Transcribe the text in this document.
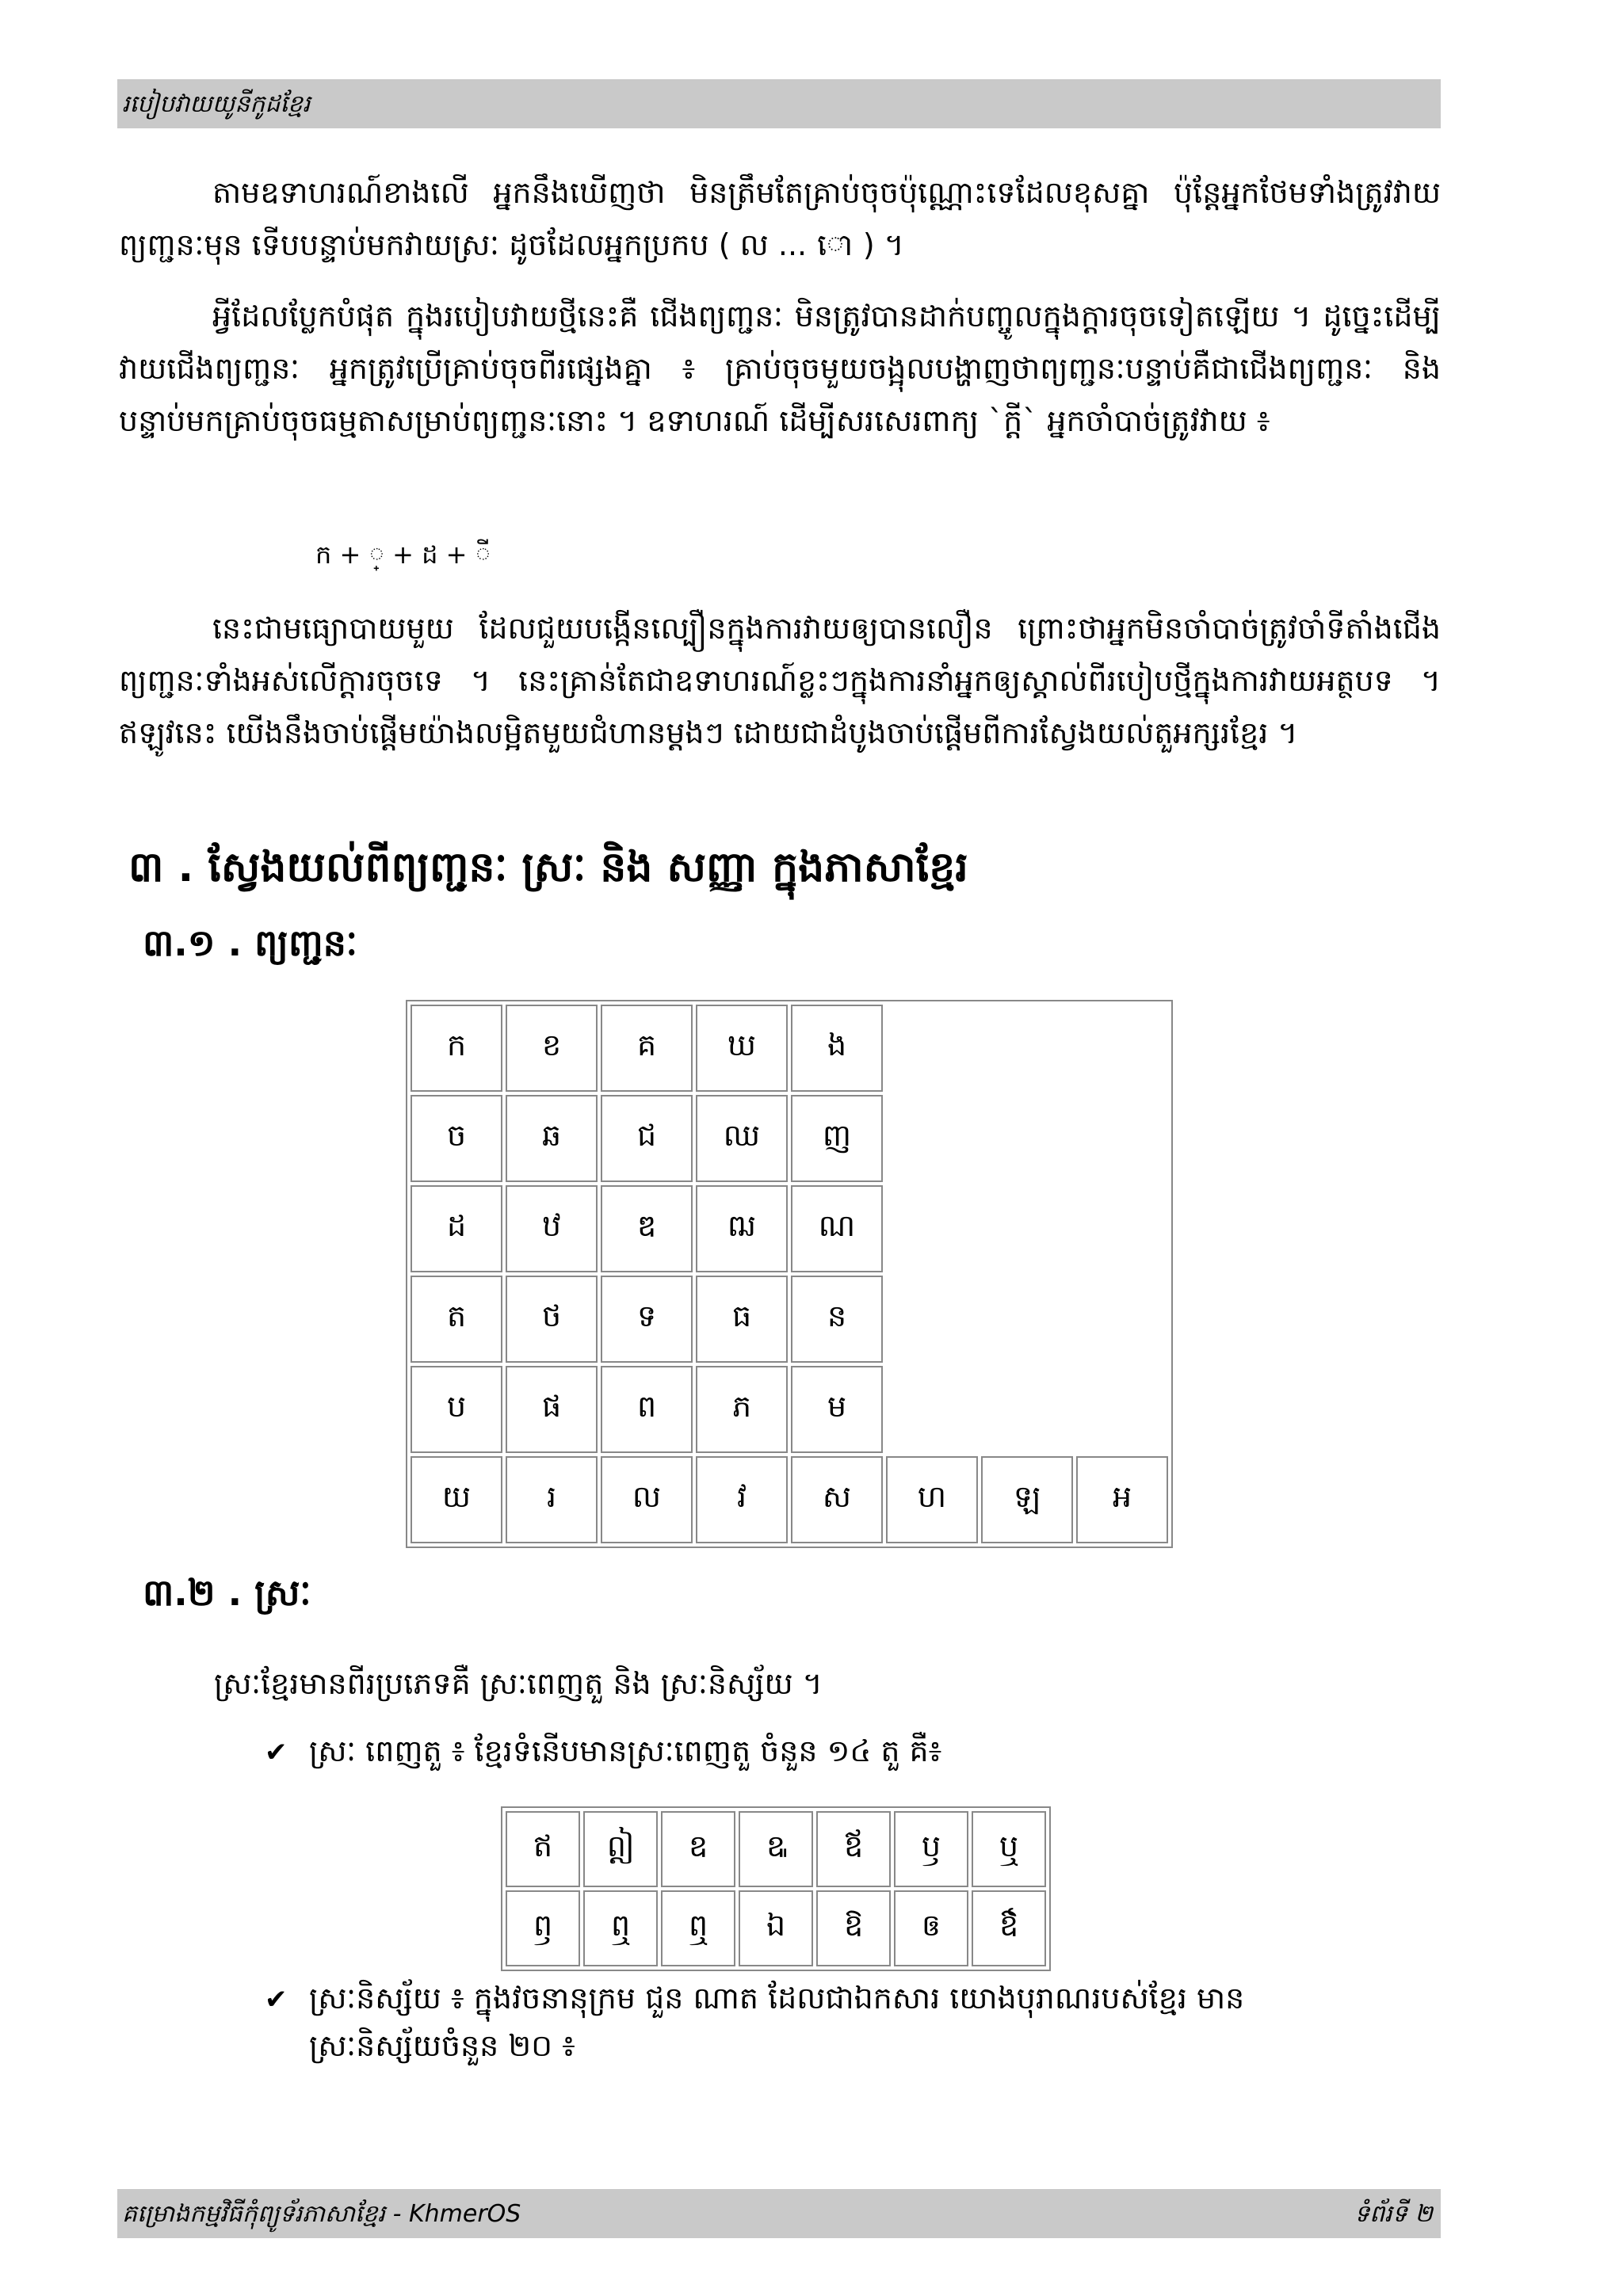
របៀបវាយយូនីកូដខ្មែរ

តាមឧទាហរណ៍ខាងលើ អ្នកនឹងឃើញថា មិនត្រឹមតែគ្រាប់ចុចប៉ុណ្ណោះទេដែលខុសគ្នា ប៉ុន្តែអ្នកថែមទាំងត្រូវវាយព្យញ្ជនៈមុន ទើបបន្ទាប់មកវាយស្រៈ ដូចដែលអ្នកប្រកប ( ល ... ោ ) ។

អ្វីដែលប្លែកបំផុត ក្នុងរបៀបវាយថ្មីនេះគឺ ជើងព្យញ្ជនៈ មិនត្រូវបានដាក់បញ្ចូលក្នុងក្តារចុចទៀតឡើយ ។ ដូច្នេះដើម្បីវាយជើងព្យញ្ជនៈ អ្នកត្រូវប្រើគ្រាប់ចុចពីរផ្សេងគ្នា ៖ គ្រាប់ចុចមួយចង្អុលបង្ហាញថាព្យញ្ជនៈបន្ទាប់គឺជាជើងព្យញ្ជនៈ និង បន្ទាប់មកគ្រាប់ចុចធម្មតាសម្រាប់ព្យញ្ជនៈនោះ ។ ឧទាហរណ៍ ដើម្បីសរសេរពាក្យ `ក្ដី` អ្នកចាំបាច់ត្រូវវាយ ៖

ក + ្ + ដ + ី

នេះជាមធ្យោបាយមួយ ដែលជួយបង្កើនល្បឿនក្នុងការវាយឲ្យបានលឿន ព្រោះថាអ្នកមិនចាំបាច់ត្រូវចាំទីតាំងជើងព្យញ្ជនៈទាំងអស់លើក្តារចុចទេ ។ នេះគ្រាន់តែជាឧទាហរណ៍ខ្លះៗក្នុងការនាំអ្នកឲ្យស្គាល់ពីរបៀបថ្មីក្នុងការវាយអត្ថបទ ។ ឥឡូវនេះ យើងនឹងចាប់ផ្តើមយ៉ាងលម្អិតមួយជំហានម្តងៗ ដោយជាដំបូងចាប់ផ្តើមពីការស្វែងយល់តួអក្សរខ្មែរ ។

៣ . ស្វែងយល់ពីព្យញ្ជនៈ ស្រៈ និង សញ្ញា ក្នុងភាសាខ្មែរ
៣.១ . ព្យញ្ជនៈ
ក	ខ	គ	ឃ	ង			
ច	ឆ	ជ	ឈ	ញ			
ដ	ឋ	ឌ	ឍ	ណ			
ត	ថ	ទ	ធ	ន			
ប	ផ	ព	ភ	ម			
យ	រ	ល	វ	ស	ហ	ឡ	អ
៣.២ . ស្រៈ

ស្រៈខ្មែរមានពីរប្រភេទគឺ ស្រៈពេញតួ និង ស្រៈនិស្ស័យ ។

✔ ស្រៈ ពេញតួ ៖ ខ្មែរទំនើបមានស្រៈពេញតួ ចំនួន ១៤ តួ គឺ៖
ឥ	ឦ	ឧ	ឩ	ឪ	ឫ	ឬ
ឭ	ឮ	ឮ	ឯ	ឱ	ឲ	ឳ
✔ ស្រៈនិស្ស័យ ៖ ក្នុងវចនានុក្រម ជួន ណាត ដែលជាឯកសារ យោងបុរាណរបស់ខ្មែរ មាន
ស្រៈនិស្ស័យចំនួន ២០ ៖
គម្រោងកម្មវិធីកុំព្យូទ័រភាសាខ្មែរ - KhmerOS	ទំព័រទី ២
